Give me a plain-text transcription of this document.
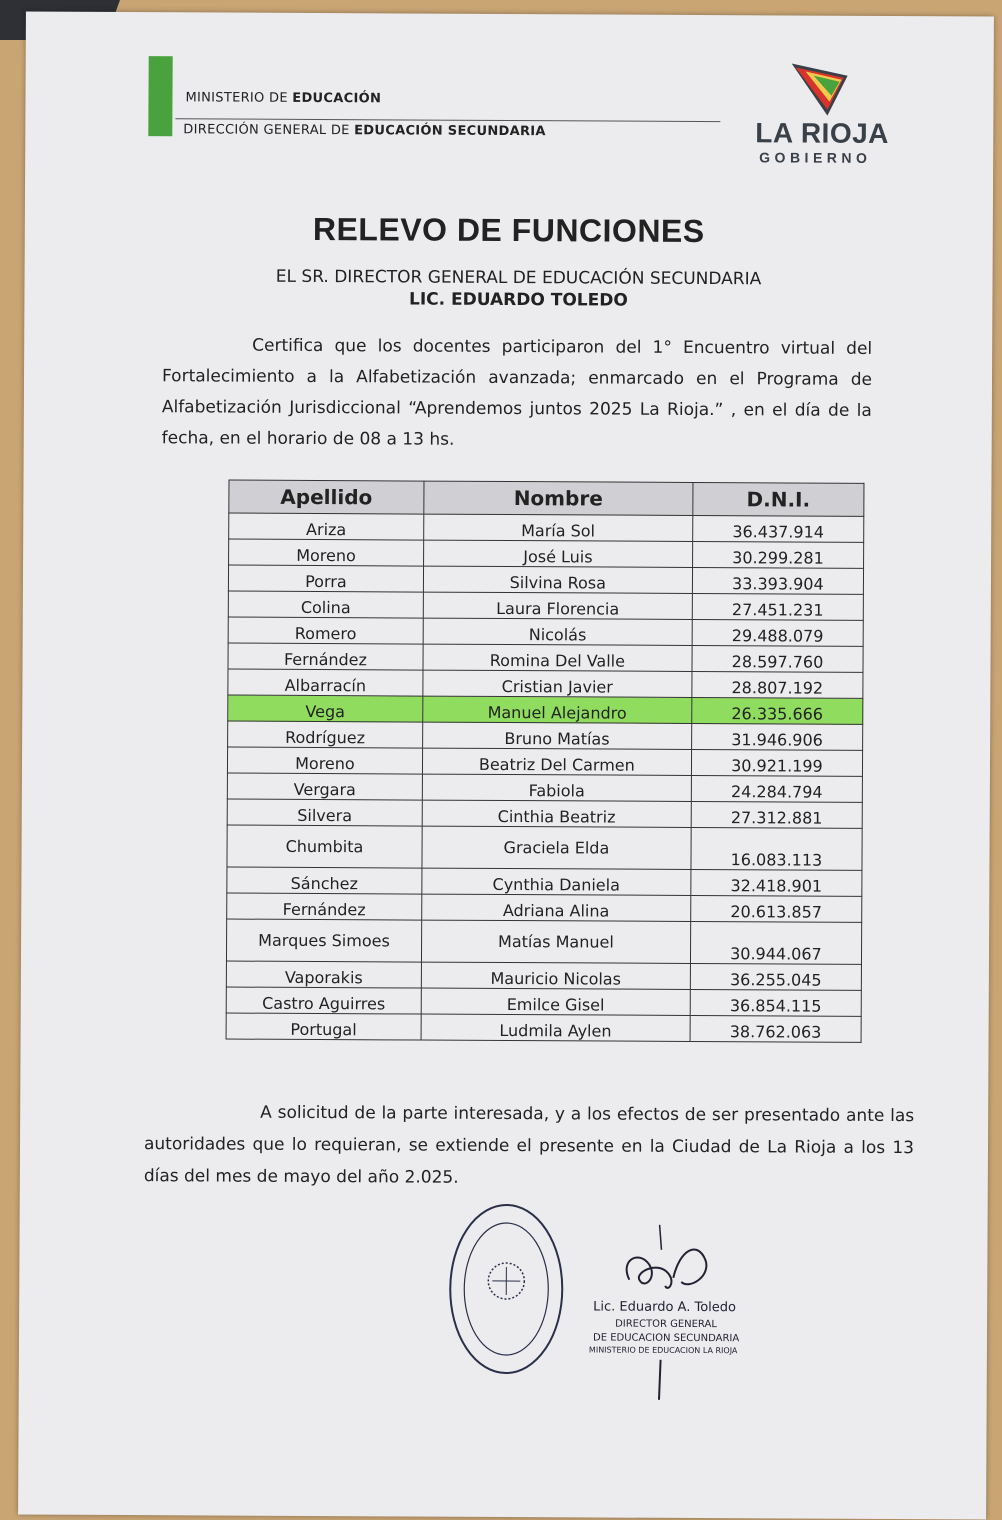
MINISTERIO DE EDUCACIÓN
DIRECCIÓN GENERAL DE EDUCACIÓN SECUNDARIA	LA RIOJA
GOBIERNO
RELEVO DE FUNCIONES
EL SR. DIRECTOR GENERAL DE EDUCACIÓN SECUNDARIA
LIC. EDUARDO TOLEDO
Certifica que los docentes participaron del 1° Encuentro virtual del Fortalecimiento a la Alfabetización avanzada; enmarcado en el Programa de Alfabetización Jurisdiccional “Aprendemos juntos 2025 La Rioja.” , en el día de la fecha, en el horario de 08 a 13 hs.
Apellido	Nombre	D.N.I.
Ariza	María Sol	36.437.914
Moreno	José Luis	30.299.281
Porra	Silvina Rosa	33.393.904
Colina	Laura Florencia	27.451.231
Romero	Nicolás	29.488.079
Fernández	Romina Del Valle	28.597.760
Albarracín	Cristian Javier	28.807.192
Vega	Manuel Alejandro	26.335.666
Rodríguez	Bruno Matías	31.946.906
Moreno	Beatriz Del Carmen	30.921.199
Vergara	Fabiola	24.284.794
Silvera	Cinthia Beatriz	27.312.881
Chumbita	Graciela Elda	16.083.113
Sánchez	Cynthia Daniela	32.418.901
Fernández	Adriana Alina	20.613.857
Marques Simoes	Matías Manuel	30.944.067
Vaporakis	Mauricio Nicolas	36.255.045
Castro Aguirres	Emilce Gisel	36.854.115
Portugal	Ludmila Aylen	38.762.063
A solicitud de la parte interesada, y a los efectos de ser presentado ante las autoridades que lo requieran, se extiende el presente en la Ciudad de La Rioja a los 13 días del mes de mayo del año 2.025.
Lic. Eduardo A. Toledo
DIRECTOR GENERAL
DE EDUCACION SECUNDARIA
MINISTERIO DE EDUCACION LA RIOJA
